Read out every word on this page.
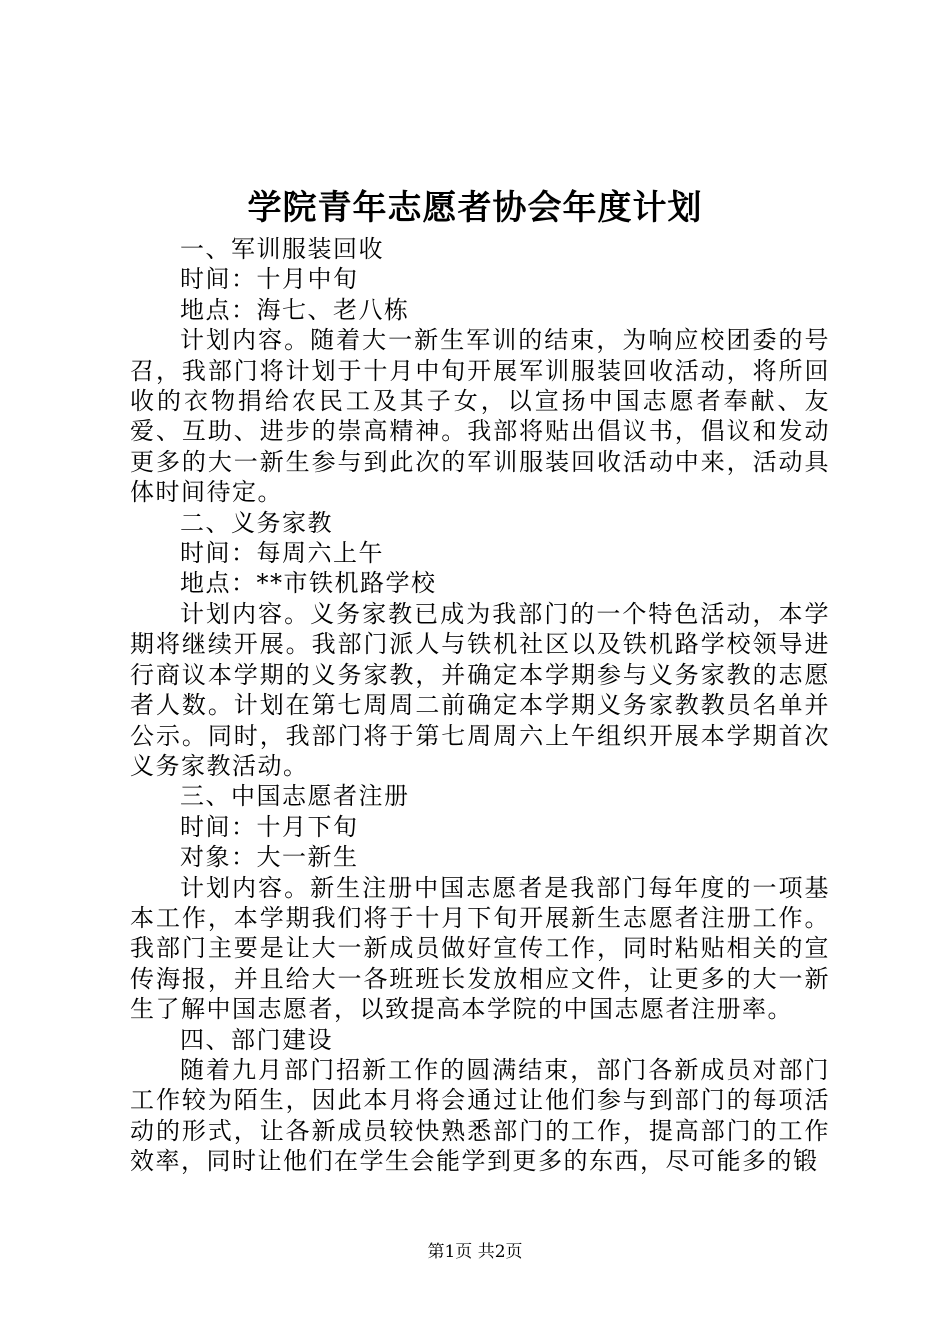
学院青年志愿者协会年度计划

一、军训服装回收

时间：十月中旬

地点：海七、老八栋

计划内容。随着大一新生军训的结束，为响应校团委的号召，我部门将计划于十月中旬开展军训服装回收活动，将所回收的衣物捐给农民工及其子女，以宣扬中国志愿者奉献、友爱、互助、进步的崇高精神。我部将贴出倡议书，倡议和发动更多的大一新生参与到此次的军训服装回收活动中来，活动具体时间待定。

二、义务家教

时间：每周六上午

地点：**市铁机路学校

计划内容。义务家教已成为我部门的一个特色活动，本学期将继续开展。我部门派人与铁机社区以及铁机路学校领导进行商议本学期的义务家教，并确定本学期参与义务家教的志愿者人数。计划在第七周周二前确定本学期义务家教教员名单并公示。同时，我部门将于第七周周六上午组织开展本学期首次义务家教活动。

三、中国志愿者注册

时间：十月下旬

对象：大一新生

计划内容。新生注册中国志愿者是我部门每年度的一项基本工作，本学期我们将于十月下旬开展新生志愿者注册工作。我部门主要是让大一新成员做好宣传工作，同时粘贴相关的宣传海报，并且给大一各班班长发放相应文件，让更多的大一新生了解中国志愿者，以致提高本学院的中国志愿者注册率。

四、部门建设

随着九月部门招新工作的圆满结束，部门各新成员对部门工作较为陌生，因此本月将会通过让他们参与到部门的每项活动的形式，让各新成员较快熟悉部门的工作，提高部门的工作效率，同时让他们在学生会能学到更多的东西，尽可能多的锻

第1页 共2页
